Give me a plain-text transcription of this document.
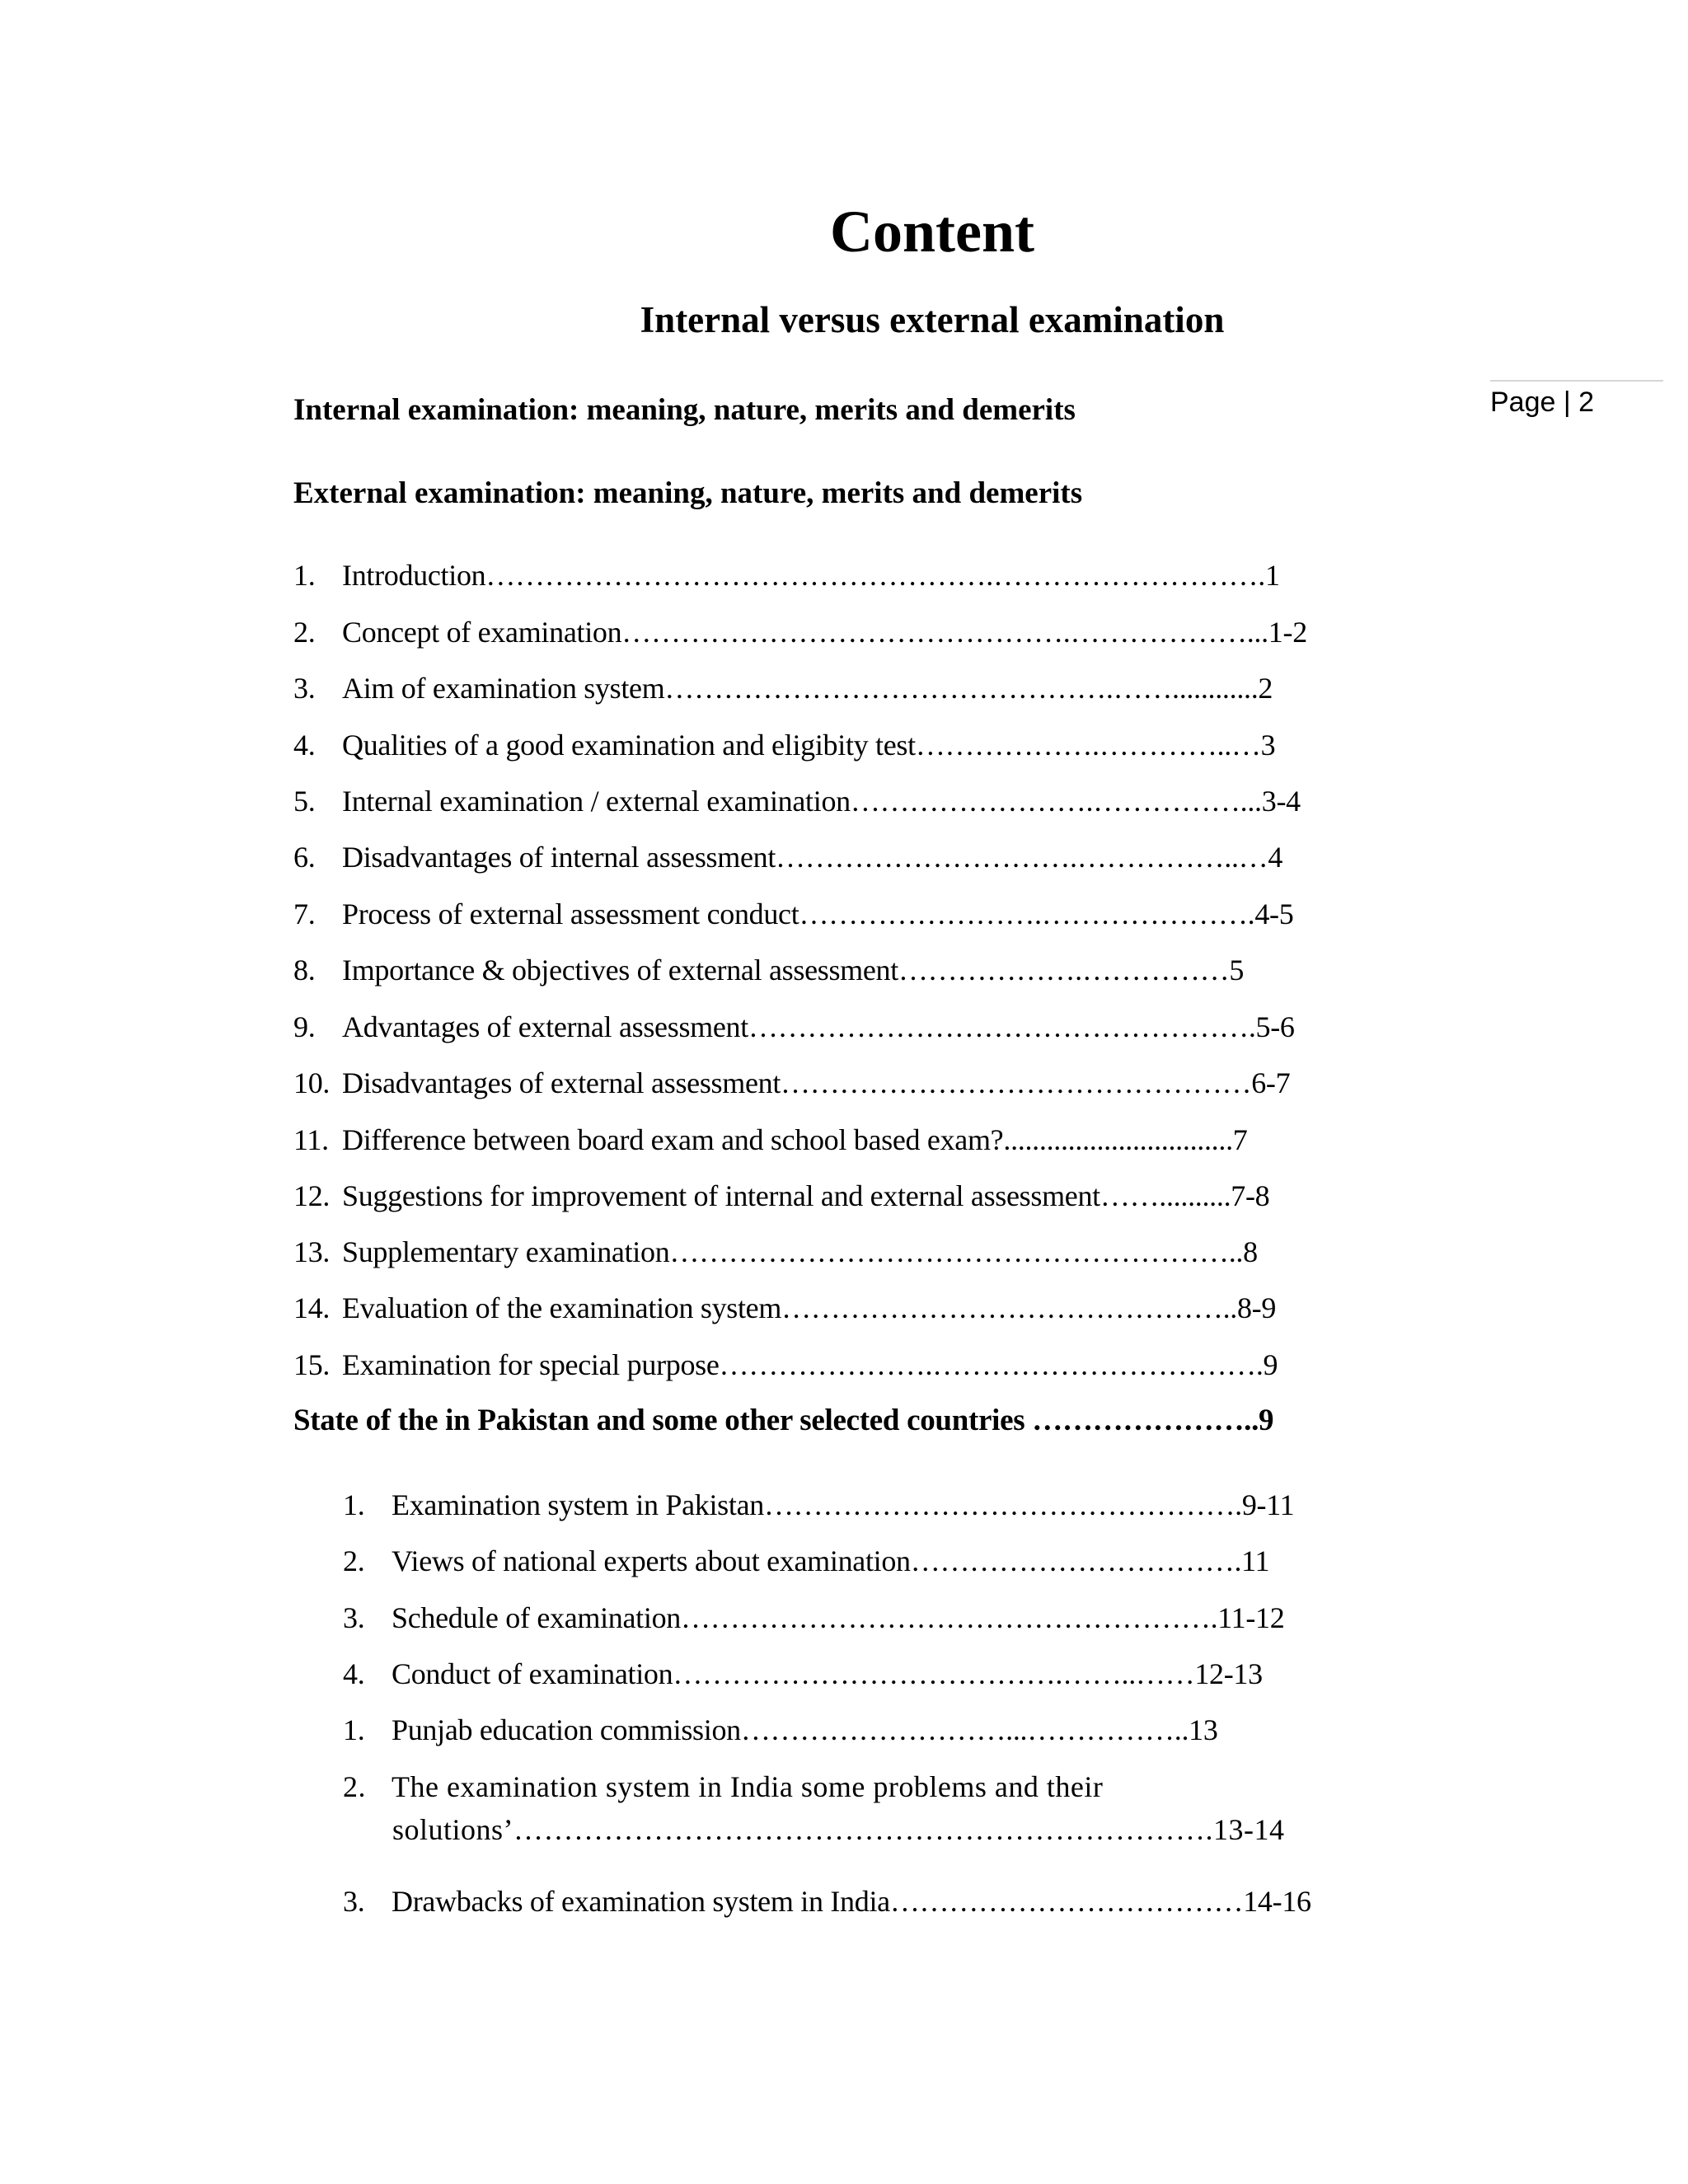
Content
Internal versus external examination
Page | 2
Internal examination: meaning, nature, merits and demerits
External examination: meaning, nature, merits and demerits
1. Introduction…………………………………………….……………………….1
2. Concept of examination……………………………………….………………...1-2
3. Aim of examination system……………………………………….……............2
4. Qualities of a good examination and eligibity test……………….…………..…3
5. Internal examination / external examination…………………….……………...3-4
6. Disadvantages of internal assessment………………………….……………..…4
7. Process of external assessment conduct…………………….………………….4-5
8. Importance & objectives of external assessment……………….……………5
9. Advantages of external assessment…………………………………………….5-6
10. Disadvantages of external assessment…………………………………………6-7
11. Difference between board exam and school based exam?................................7
12. Suggestions for improvement of internal and external assessment……..........7-8
13. Supplementary examination…………………………………………………..8
14. Evaluation of the examination system………………………………………..8-9
15. Examination for special purpose………………….…………………………….9
State of the in Pakistan and some other selected countries …………………..9
1. Examination system in Pakistan………………………………………….9-11
2. Views of national experts about examination…………………………….11
3. Schedule of examination……………………………………………….11-12
4. Conduct of examination………………………………….……..……12-13
1. Punjab education commission………………………...……………..13
2. The examination system in India some problems and their
solutions’…………………………………………………………….13-14
3. Drawbacks of examination system in India………………………………14-16
